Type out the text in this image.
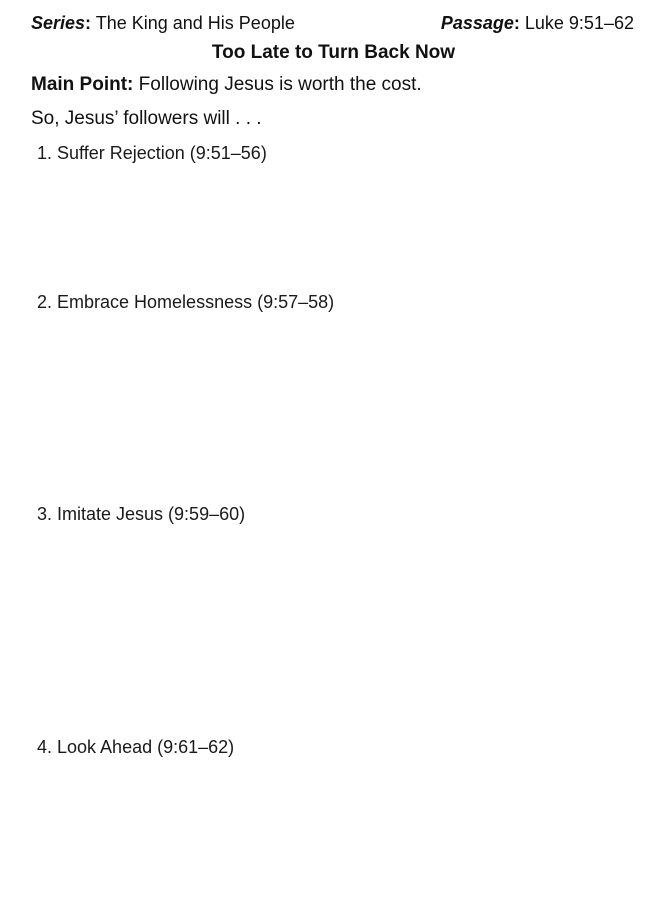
Series: The King and His People	Passage: Luke 9:51–62
Too Late to Turn Back Now
Main Point: Following Jesus is worth the cost.
So, Jesus’ followers will . . .
1. Suffer Rejection (9:51–56)
2. Embrace Homelessness (9:57–58)
3. Imitate Jesus (9:59–60)
4. Look Ahead (9:61–62)
